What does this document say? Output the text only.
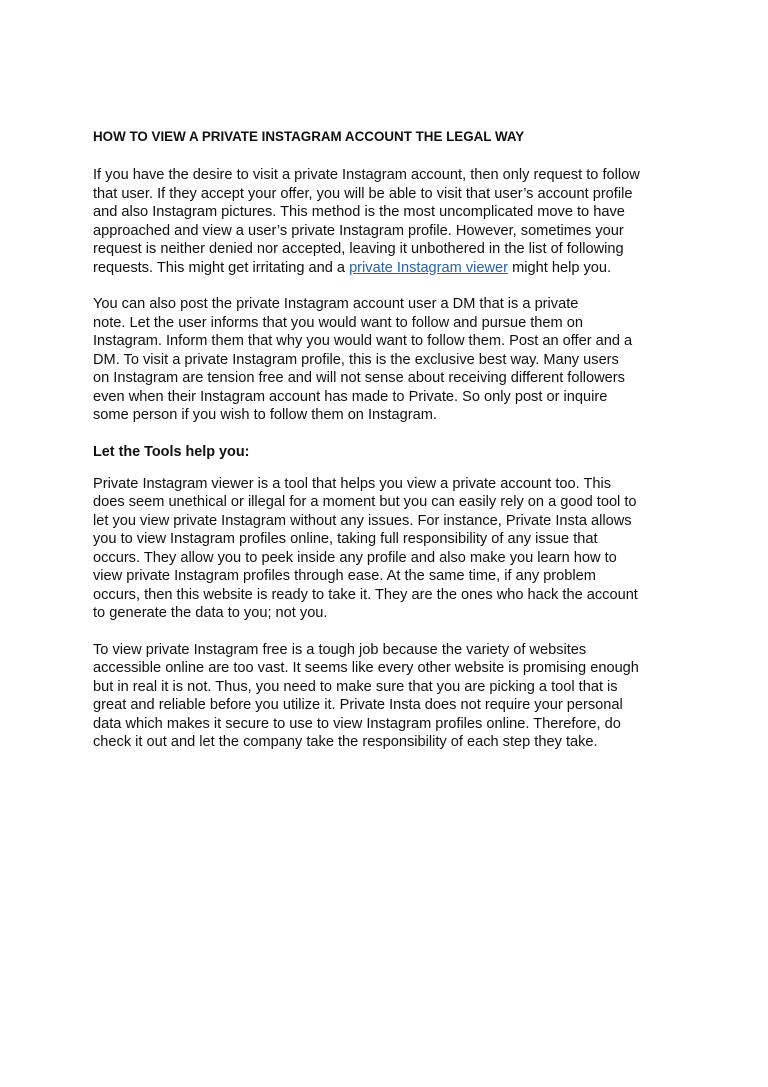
HOW TO VIEW A PRIVATE INSTAGRAM ACCOUNT THE LEGAL WAY
If you have the desire to visit a private Instagram account, then only request to follow
that user. If they accept your offer, you will be able to visit that user’s account profile
and also Instagram pictures. This method is the most uncomplicated move to have
approached and view a user’s private Instagram profile. However, sometimes your
request is neither denied nor accepted, leaving it unbothered in the list of following
requests. This might get irritating and a private Instagram viewer might help you.
You can also post the private Instagram account user a DM that is a private
note. Let the user informs that you would want to follow and pursue them on
Instagram. Inform them that why you would want to follow them. Post an offer and a
DM. To visit a private Instagram profile, this is the exclusive best way. Many users
on Instagram are tension free and will not sense about receiving different followers
even when their Instagram account has made to Private. So only post or inquire
some person if you wish to follow them on Instagram.
Let the Tools help you:
Private Instagram viewer is a tool that helps you view a private account too. This
does seem unethical or illegal for a moment but you can easily rely on a good tool to
let you view private Instagram without any issues. For instance, Private Insta allows
you to view Instagram profiles online, taking full responsibility of any issue that
occurs. They allow you to peek inside any profile and also make you learn how to
view private Instagram profiles through ease. At the same time, if any problem
occurs, then this website is ready to take it. They are the ones who hack the account
to generate the data to you; not you.
To view private Instagram free is a tough job because the variety of websites
accessible online are too vast. It seems like every other website is promising enough
but in real it is not. Thus, you need to make sure that you are picking a tool that is
great and reliable before you utilize it. Private Insta does not require your personal
data which makes it secure to use to view Instagram profiles online. Therefore, do
check it out and let the company take the responsibility of each step they take.
